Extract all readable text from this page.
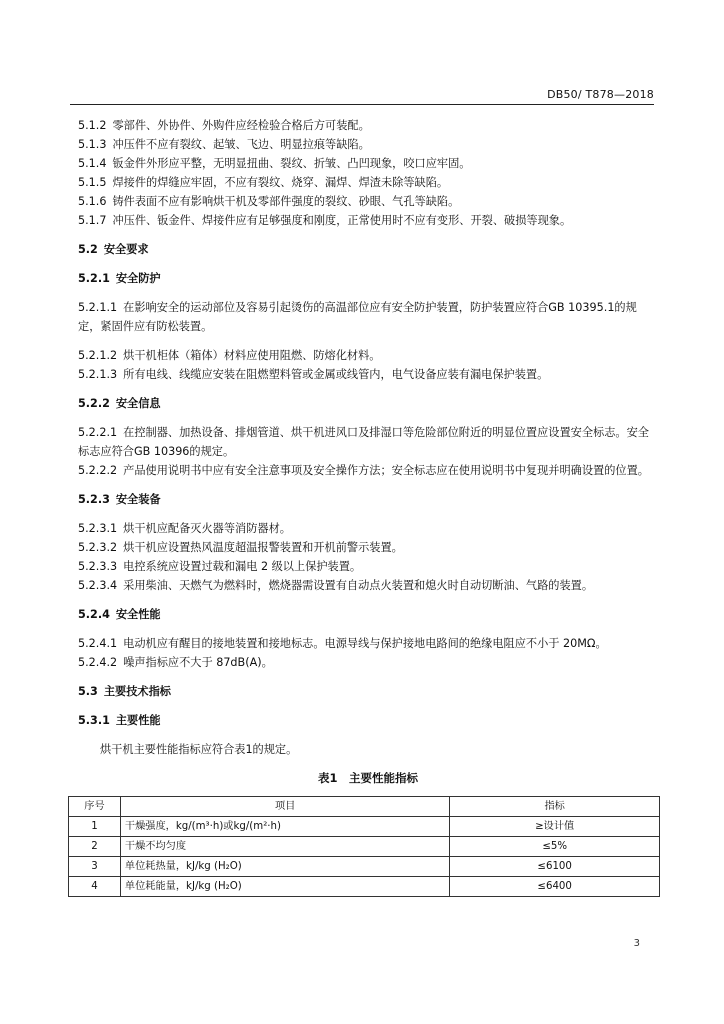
DB50/ T878—2018

5.1.2 零部件、外协件、外购件应经检验合格后方可装配。

5.1.3 冲压件不应有裂纹、起皱、飞边、明显拉痕等缺陷。

5.1.4 钣金件外形应平整，无明显扭曲、裂纹、折皱、凸凹现象，咬口应牢固。

5.1.5 焊接件的焊缝应牢固，不应有裂纹、烧穿、漏焊、焊渣未除等缺陷。

5.1.6 铸件表面不应有影响烘干机及零部件强度的裂纹、砂眼、气孔等缺陷。

5.1.7 冲压件、钣金件、焊接件应有足够强度和刚度，正常使用时不应有变形、开裂、破损等现象。

5.2 安全要求

5.2.1 安全防护

5.2.1.1 在影响安全的运动部位及容易引起烫伤的高温部位应有安全防护装置，防护装置应符合GB 10395.1的规定，紧固件应有防松装置。

5.2.1.2 烘干机柜体（箱体）材料应使用阻燃、防熔化材料。

5.2.1.3 所有电线、线缆应安装在阻燃塑料管或金属或线管内，电气设备应装有漏电保护装置。

5.2.2 安全信息

5.2.2.1 在控制器、加热设备、排烟管道、烘干机进风口及排湿口等危险部位附近的明显位置应设置安全标志。安全标志应符合GB 10396的规定。

5.2.2.2 产品使用说明书中应有安全注意事项及安全操作方法；安全标志应在使用说明书中复现并明确设置的位置。

5.2.3 安全装备

5.2.3.1 烘干机应配备灭火器等消防器材。

5.2.3.2 烘干机应设置热风温度超温报警装置和开机前警示装置。

5.2.3.3 电控系统应设置过载和漏电 2 级以上保护装置。

5.2.3.4 采用柴油、天燃气为燃料时，燃烧器需设置有自动点火装置和熄火时自动切断油、气路的装置。

5.2.4 安全性能

5.2.4.1 电动机应有醒目的接地装置和接地标志。电源导线与保护接地电路间的绝缘电阻应不小于 20MΩ。

5.2.4.2 噪声指标应不大于 87dB(A)。

5.3 主要技术指标

5.3.1 主要性能

烘干机主要性能指标应符合表1的规定。

表1　主要性能指标
序号	项目	指标
1	干燥强度，kg/(m³·h)或kg/(m²·h)	≥设计值
2	干燥不均匀度	≤5%
3	单位耗热量，kJ/kg (H₂O)	≤6100
4	单位耗能量，kJ/kg (H₂O)	≤6400
3
